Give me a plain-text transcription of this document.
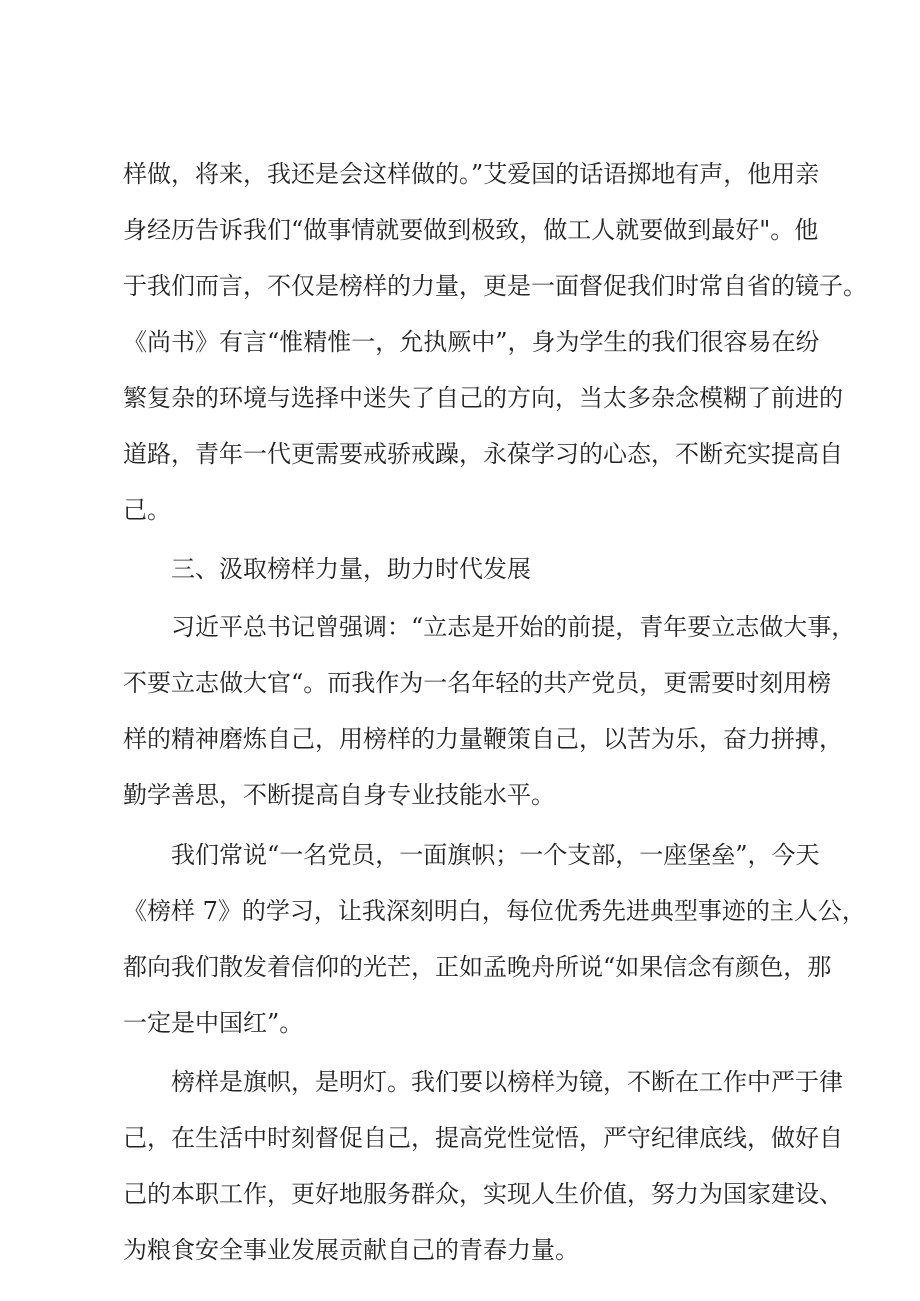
样做，将来，我还是会这样做的。”艾爱国的话语掷地有声，他用亲
身经历告诉我们“做事情就要做到极致，做工人就要做到最好"。他
于我们而言，不仅是榜样的力量，更是一面督促我们时常自省的镜子。
《尚书》有言“惟精惟一，允执厥中”，身为学生的我们很容易在纷
繁复杂的环境与选择中迷失了自己的方向，当太多杂念模糊了前进的
道路，青年一代更需要戒骄戒躁，永葆学习的心态，不断充实提高自
己。
三、汲取榜样力量，助力时代发展
习近平总书记曾强调：“立志是开始的前提，青年要立志做大事，
不要立志做大官“。而我作为一名年轻的共产党员，更需要时刻用榜
样的精神磨炼自己，用榜样的力量鞭策自己，以苦为乐，奋力拼搏，
勤学善思，不断提高自身专业技能水平。
我们常说“一名党员，一面旗帜；一个支部，一座堡垒”，今天
《榜样 7》的学习，让我深刻明白，每位优秀先进典型事迹的主人公，
都向我们散发着信仰的光芒，正如孟晚舟所说“如果信念有颜色，那
一定是中国红”。
榜样是旗帜，是明灯。我们要以榜样为镜，不断在工作中严于律
己，在生活中时刻督促自己，提高党性觉悟，严守纪律底线，做好自
己的本职工作，更好地服务群众，实现人生价值，努力为国家建设、
为粮食安全事业发展贡献自己的青春力量。
